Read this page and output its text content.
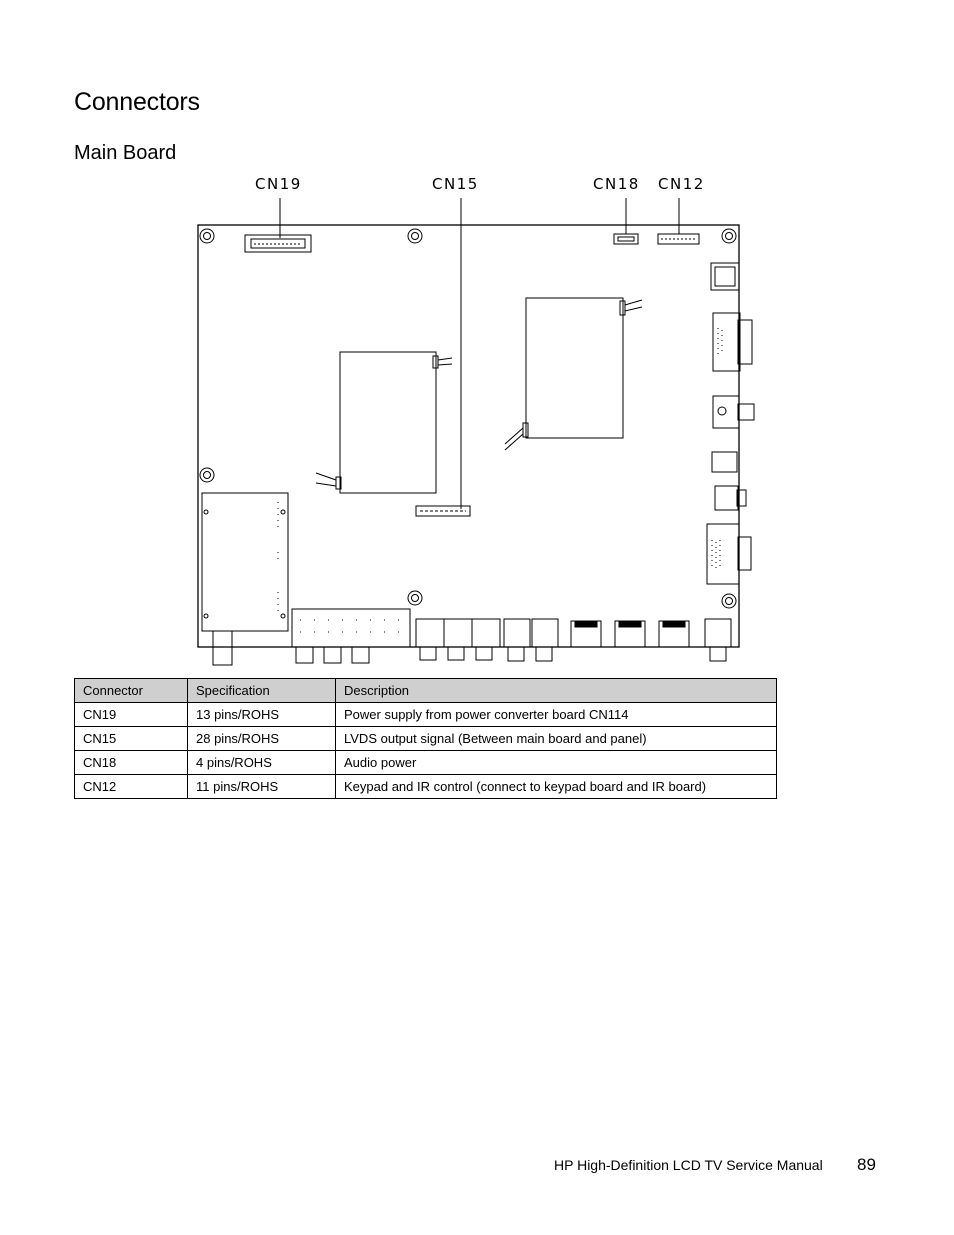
Connectors
Main Board
CN19	CN15	CN18 CN12
Connector	Specification	Description
CN19	13 pins/ROHS	Power supply from power converter board CN114
CN15	28 pins/ROHS	LVDS output signal (Between main board and panel)
CN18	4 pins/ROHS	Audio power
CN12	11 pins/ROHS	Keypad and IR control (connect to keypad board and IR board)
HP High-Definition LCD TV Service Manual 89
